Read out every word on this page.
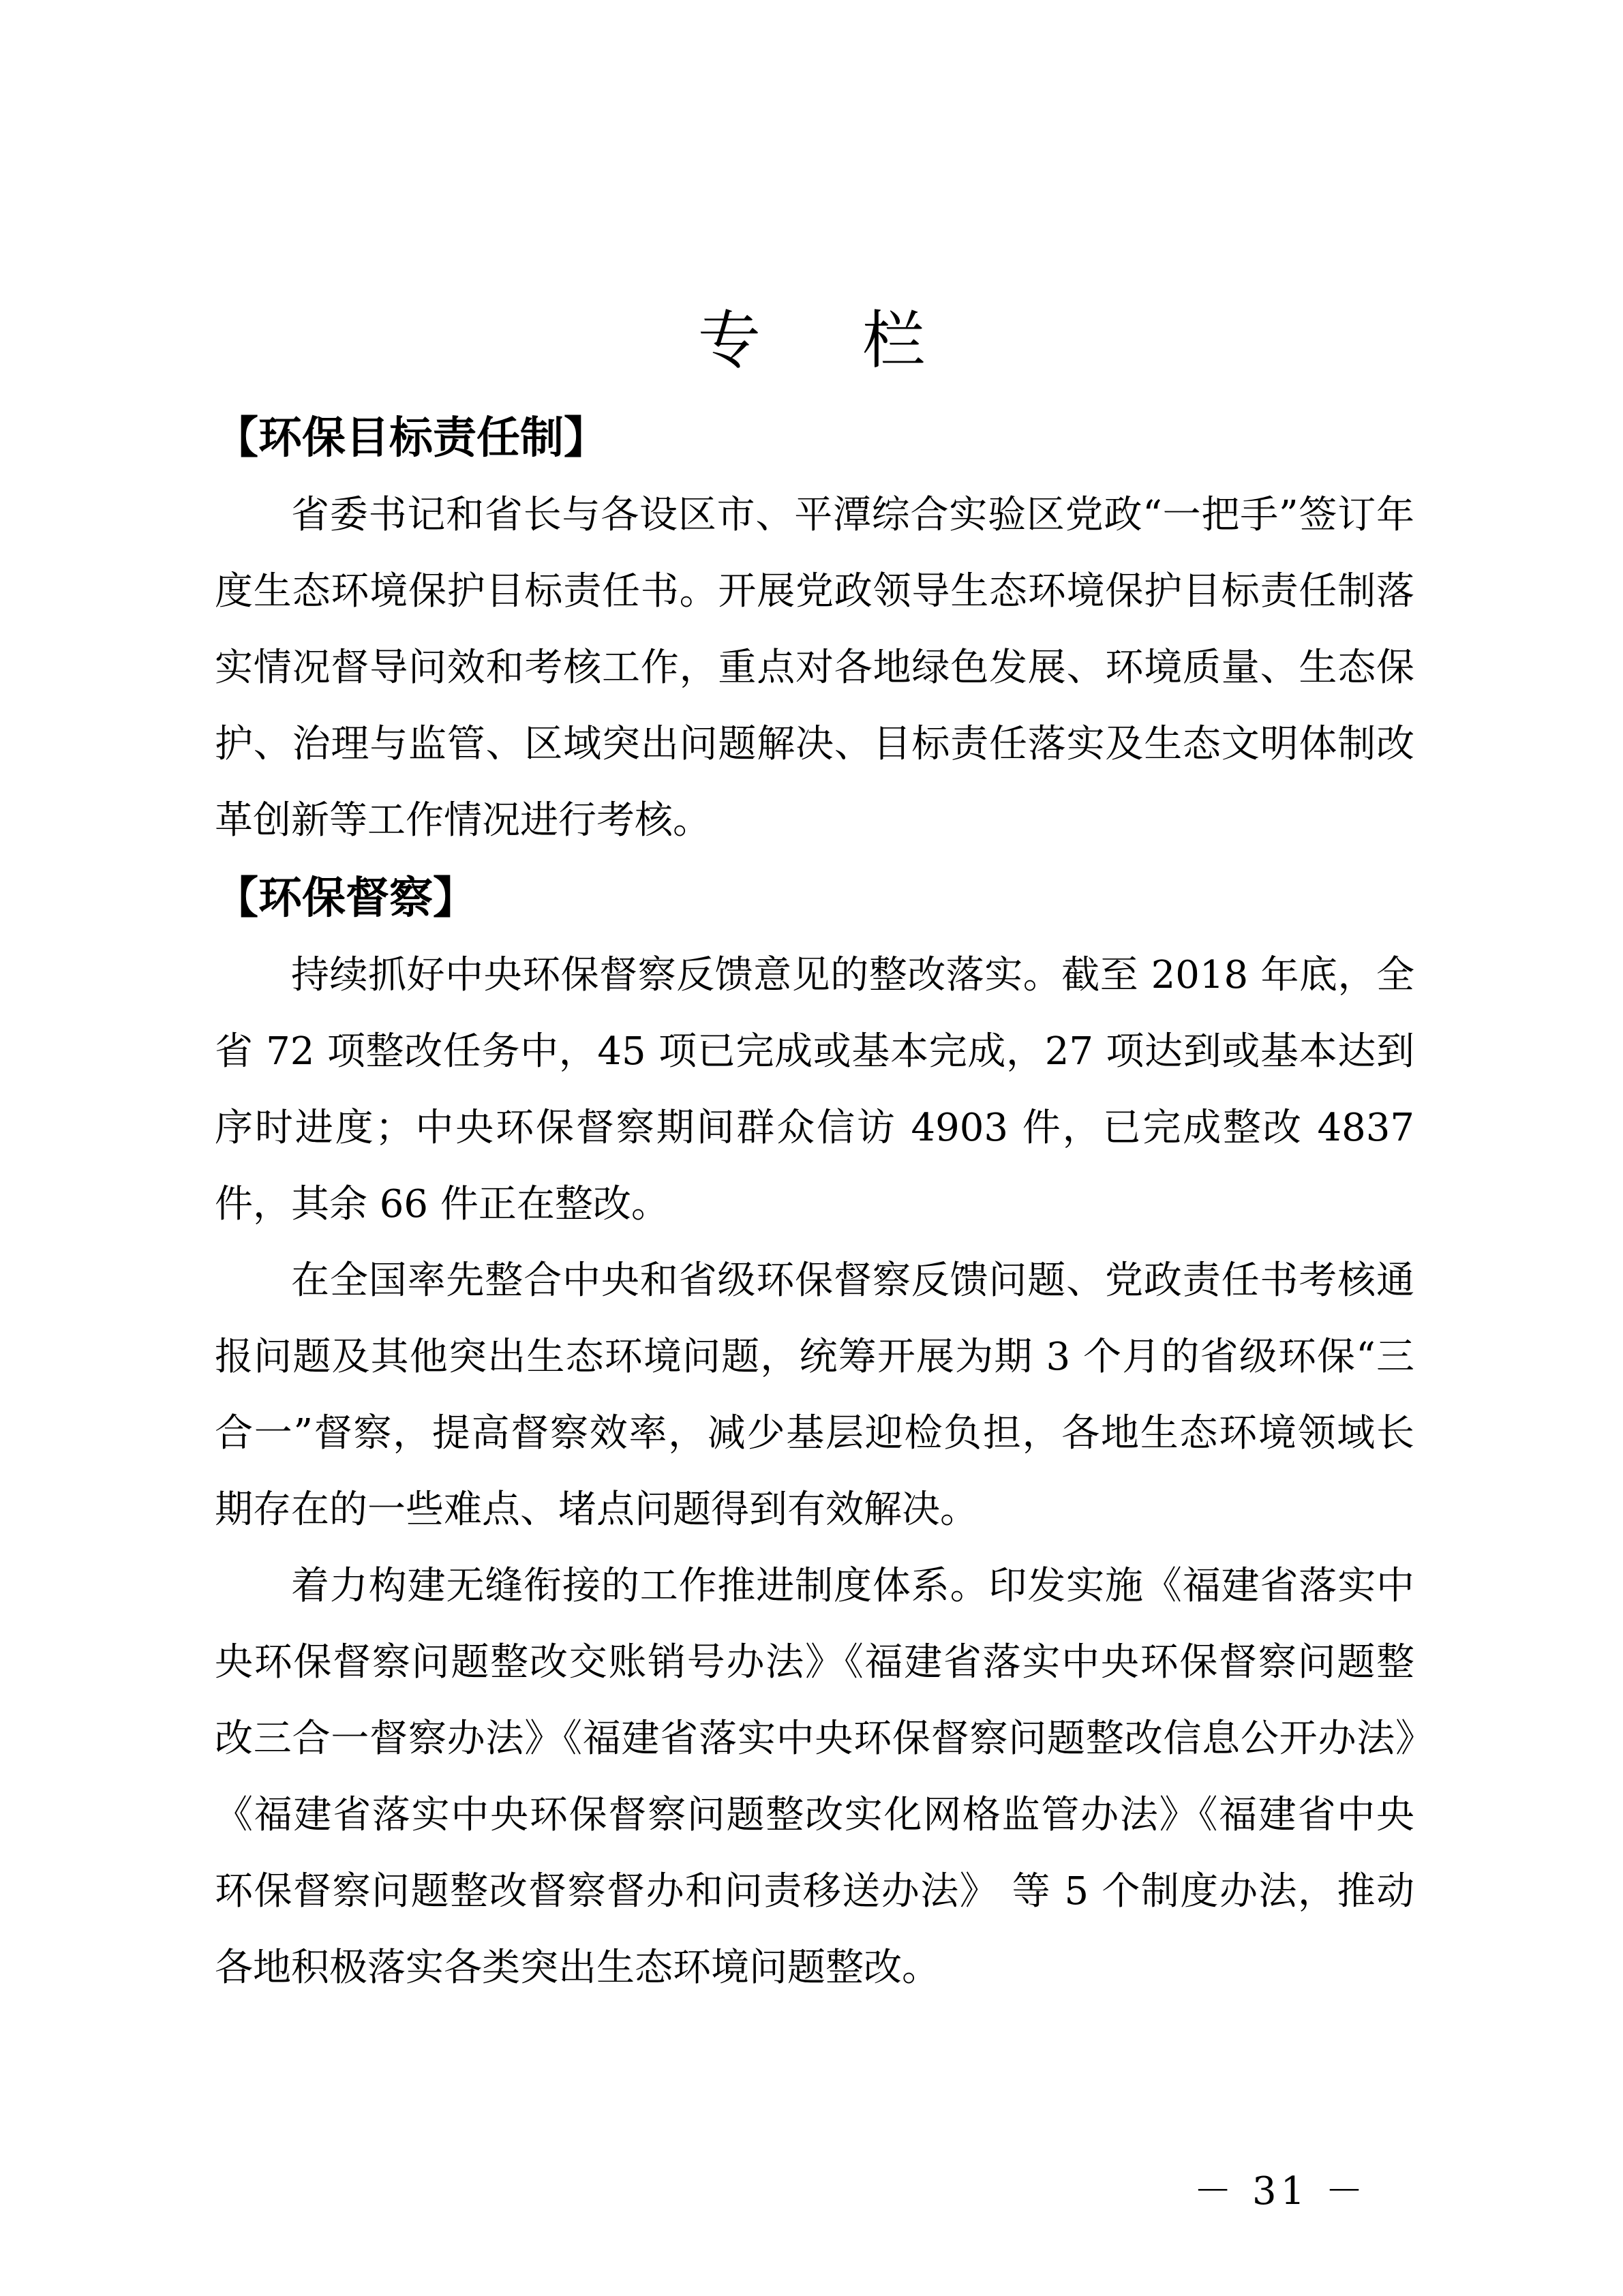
专 栏
【环保目标责任制】

省委书记和省长与各设区市、平潭综合实验区党政“一把手”签订年度生态环境保护目标责任书。开展党政领导生态环境保护目标责任制落实情况督导问效和考核工作，重点对各地绿色发展、环境质量、生态保护、治理与监管、区域突出问题解决、目标责任落实及生态文明体制改革创新等工作情况进行考核。

【环保督察】

持续抓好中央环保督察反馈意见的整改落实。截至 2018 年底，全省 72 项整改任务中，45 项已完成或基本完成，27 项达到或基本达到序时进度；中央环保督察期间群众信访 4903 件，已完成整改 4837 件，其余 66 件正在整改。

在全国率先整合中央和省级环保督察反馈问题、党政责任书考核通报问题及其他突出生态环境问题，统筹开展为期 3 个月的省级环保“三合一”督察，提高督察效率，减少基层迎检负担，各地生态环境领域长期存在的一些难点、堵点问题得到有效解决。

着力构建无缝衔接的工作推进制度体系。印发实施《福建省落实中央环保督察问题整改交账销号办法》《福建省落实中央环保督察问题整改三合一督察办法》《福建省落实中央环保督察问题整改信息公开办法》《福建省落实中央环保督察问题整改实化网格监管办法》《福建省中央环保督察问题整改督察督办和问责移送办法》 等 5 个制度办法，推动各地积极落实各类突出生态环境问题整改。

－ 31 －
